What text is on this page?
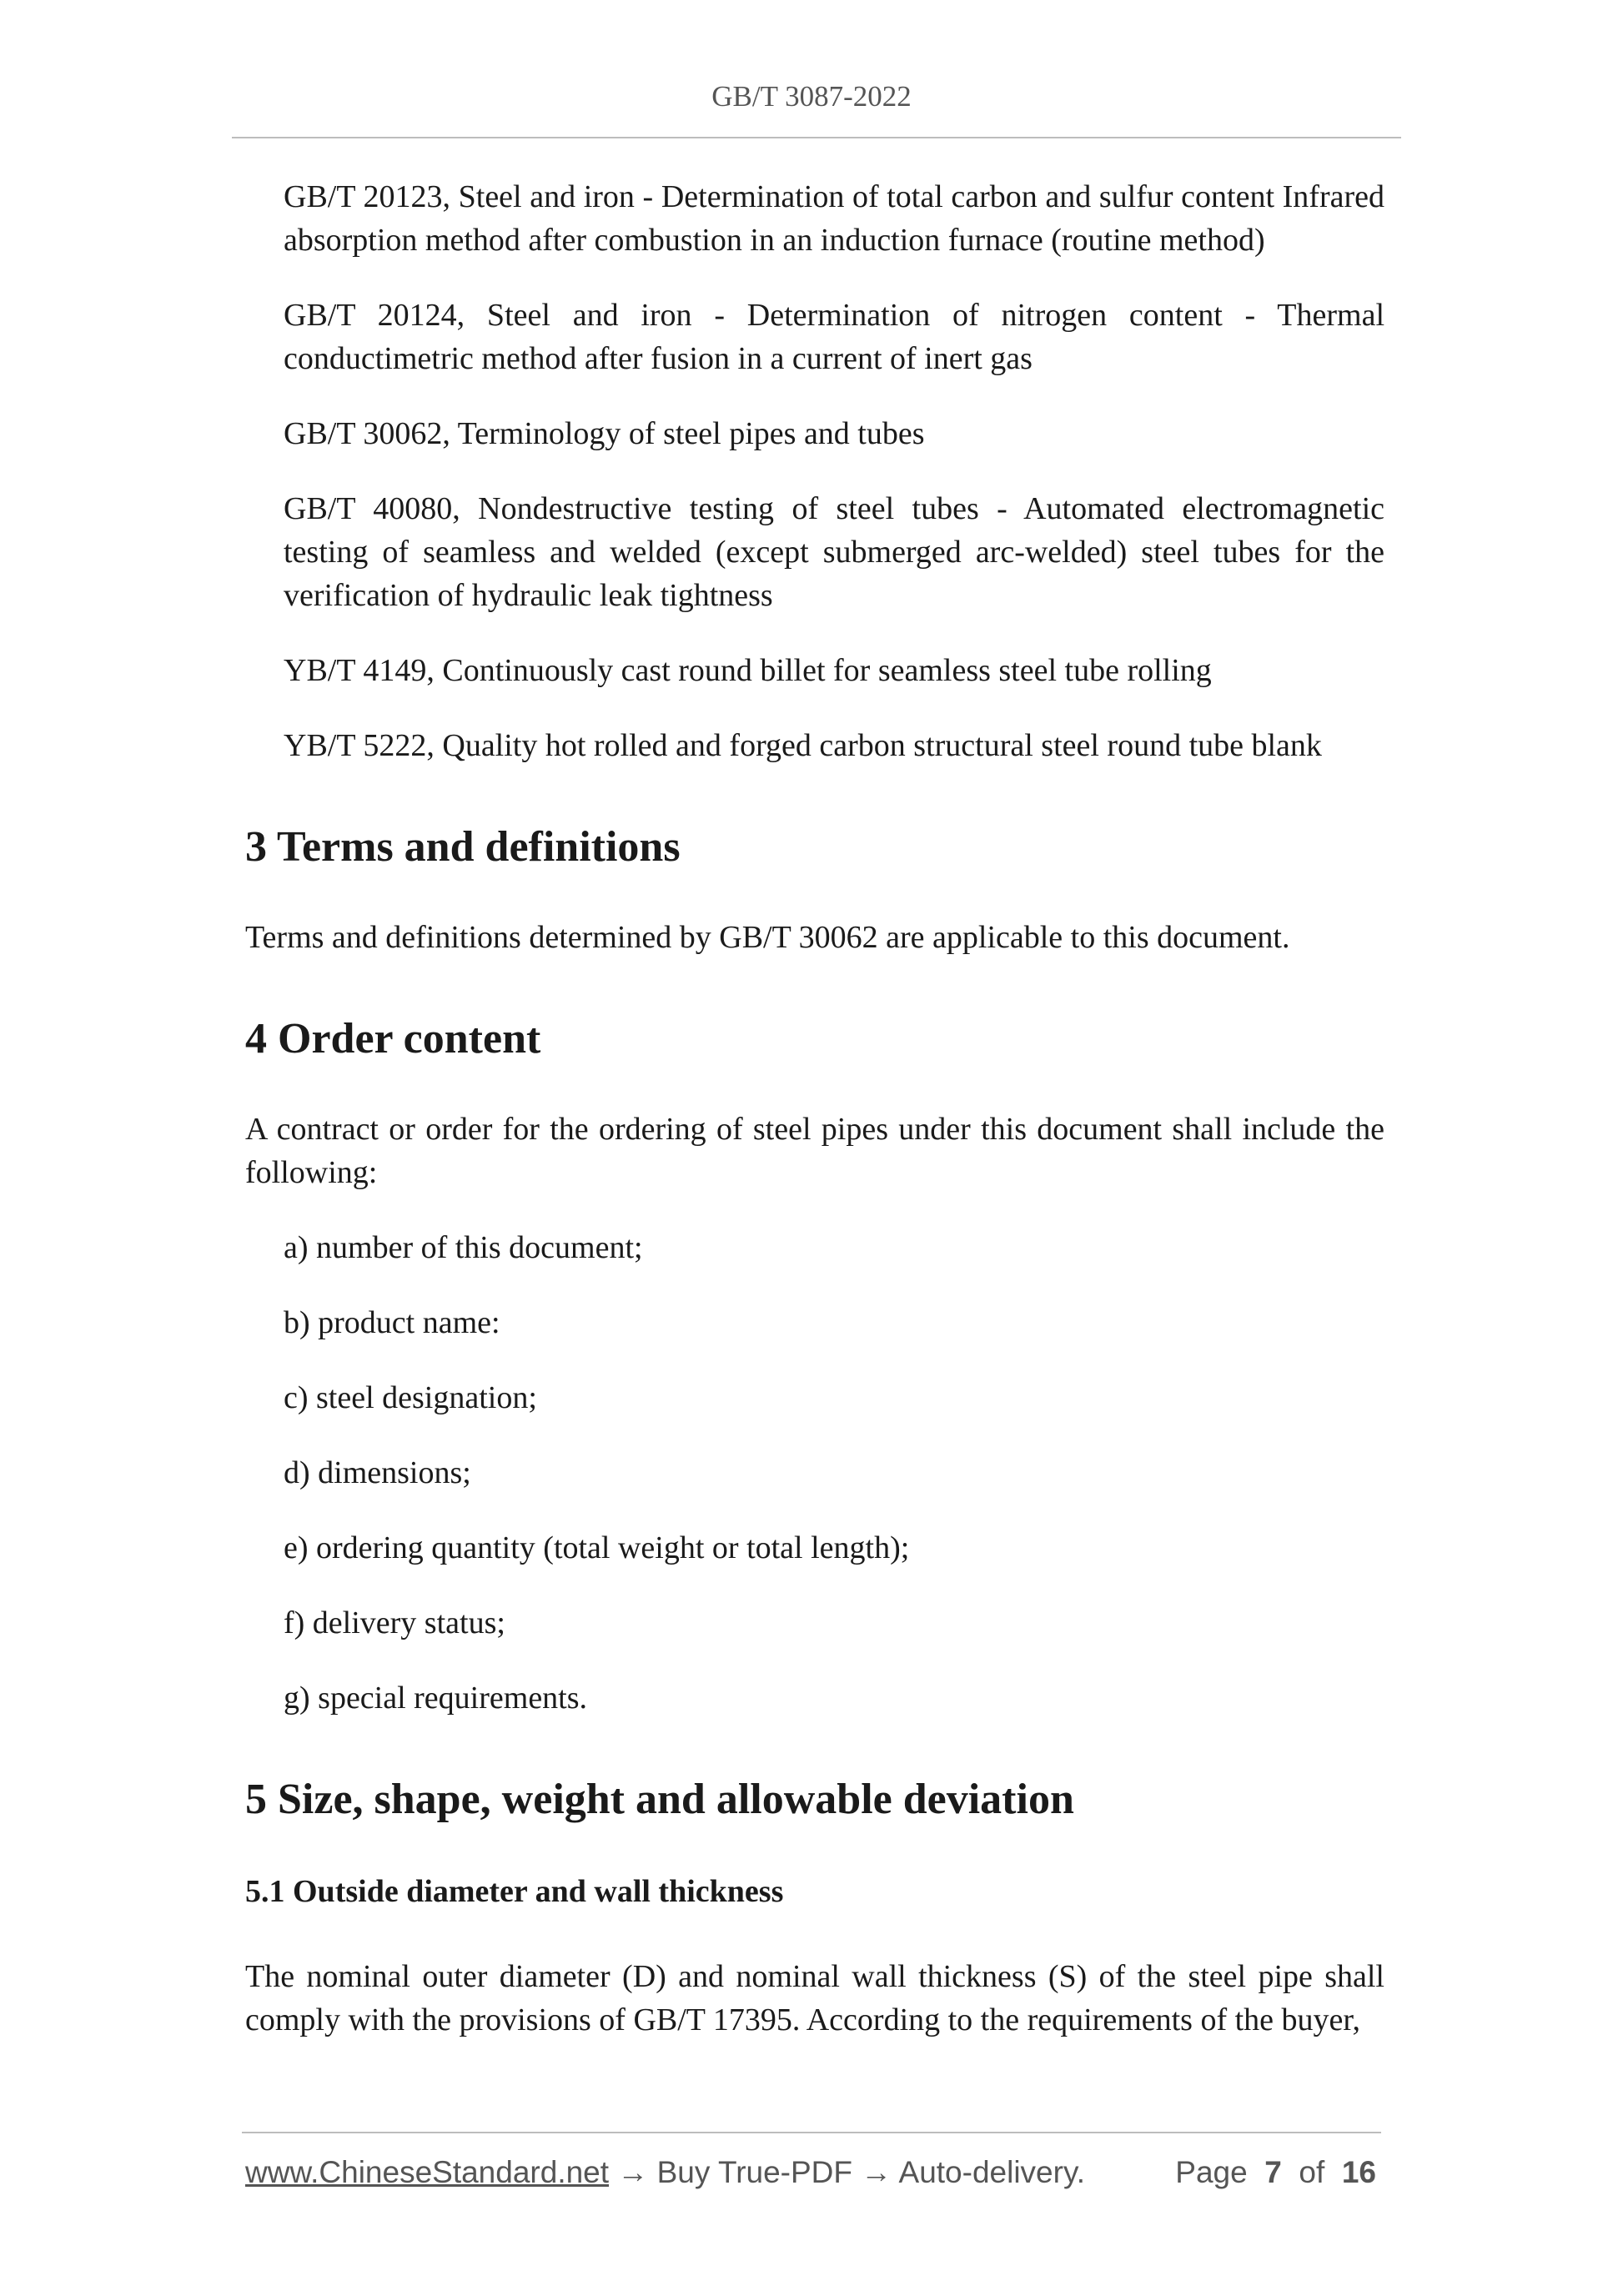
GB/T 3087-2022

GB/T 20123, Steel and iron - Determination of total carbon and sulfur content Infrared absorption method after combustion in an induction furnace (routine method)

GB/T 20124, Steel and iron - Determination of nitrogen content - Thermal conductimetric method after fusion in a current of inert gas

GB/T 30062, Terminology of steel pipes and tubes

GB/T 40080, Nondestructive testing of steel tubes - Automated electromagnetic testing of seamless and welded (except submerged arc-welded) steel tubes for the verification of hydraulic leak tightness

YB/T 4149, Continuously cast round billet for seamless steel tube rolling

YB/T 5222, Quality hot rolled and forged carbon structural steel round tube blank

3 Terms and definitions

Terms and definitions determined by GB/T 30062 are applicable to this document.

4 Order content

A contract or order for the ordering of steel pipes under this document shall include the following:

a) number of this document;
b) product name:
c) steel designation;
d) dimensions;
e) ordering quantity (total weight or total length);
f) delivery status;
g) special requirements.
5 Size, shape, weight and allowable deviation
5.1 Outside diameter and wall thickness

The nominal outer diameter (D) and nominal wall thickness (S) of the steel pipe shall comply with the provisions of GB/T 17395. According to the requirements of the buyer,

www.ChineseStandard.net → Buy True-PDF → Auto-delivery.	Page 7 of 16
